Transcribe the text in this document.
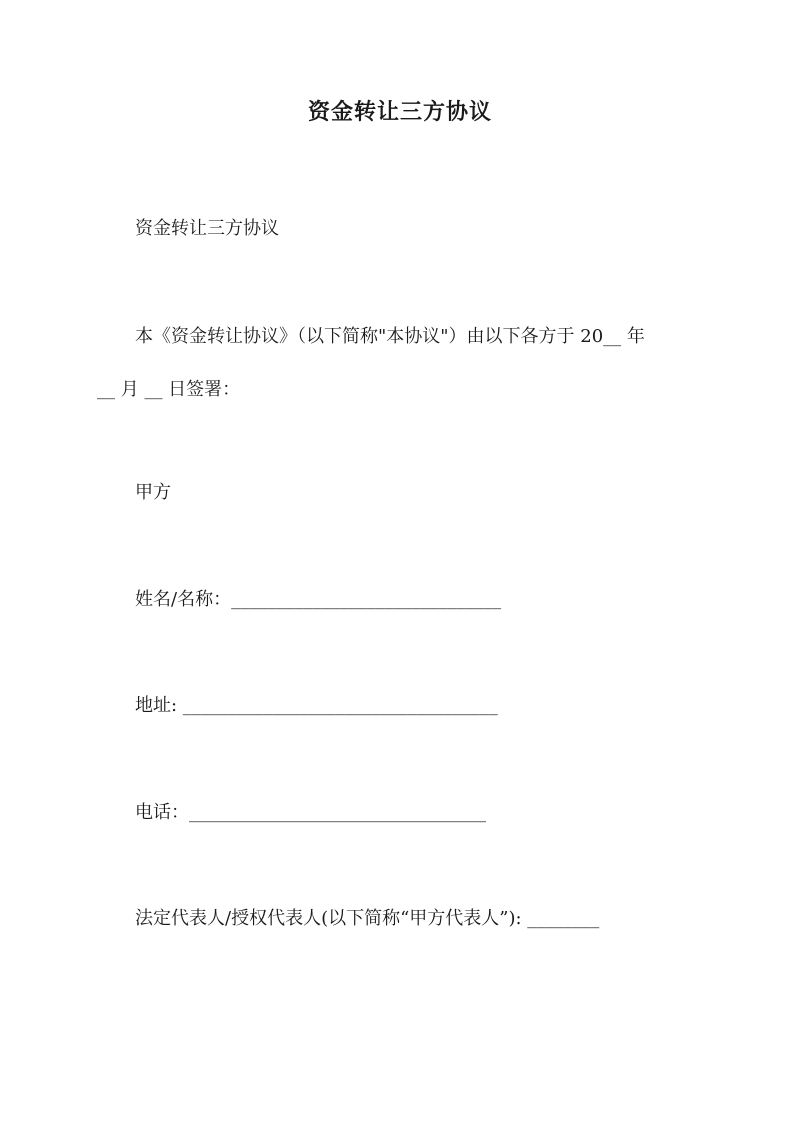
资金转让三方协议
资金转让三方协议
本《资金转让协议》（以下简称"本协议"）由以下各方于 20__ 年
__ 月 __ 日签署：
甲方
姓名/名称：______________________________
地址: ___________________________________
电话：_________________________________
法定代表人/授权代表人(以下简称“甲方代表人”): ________
